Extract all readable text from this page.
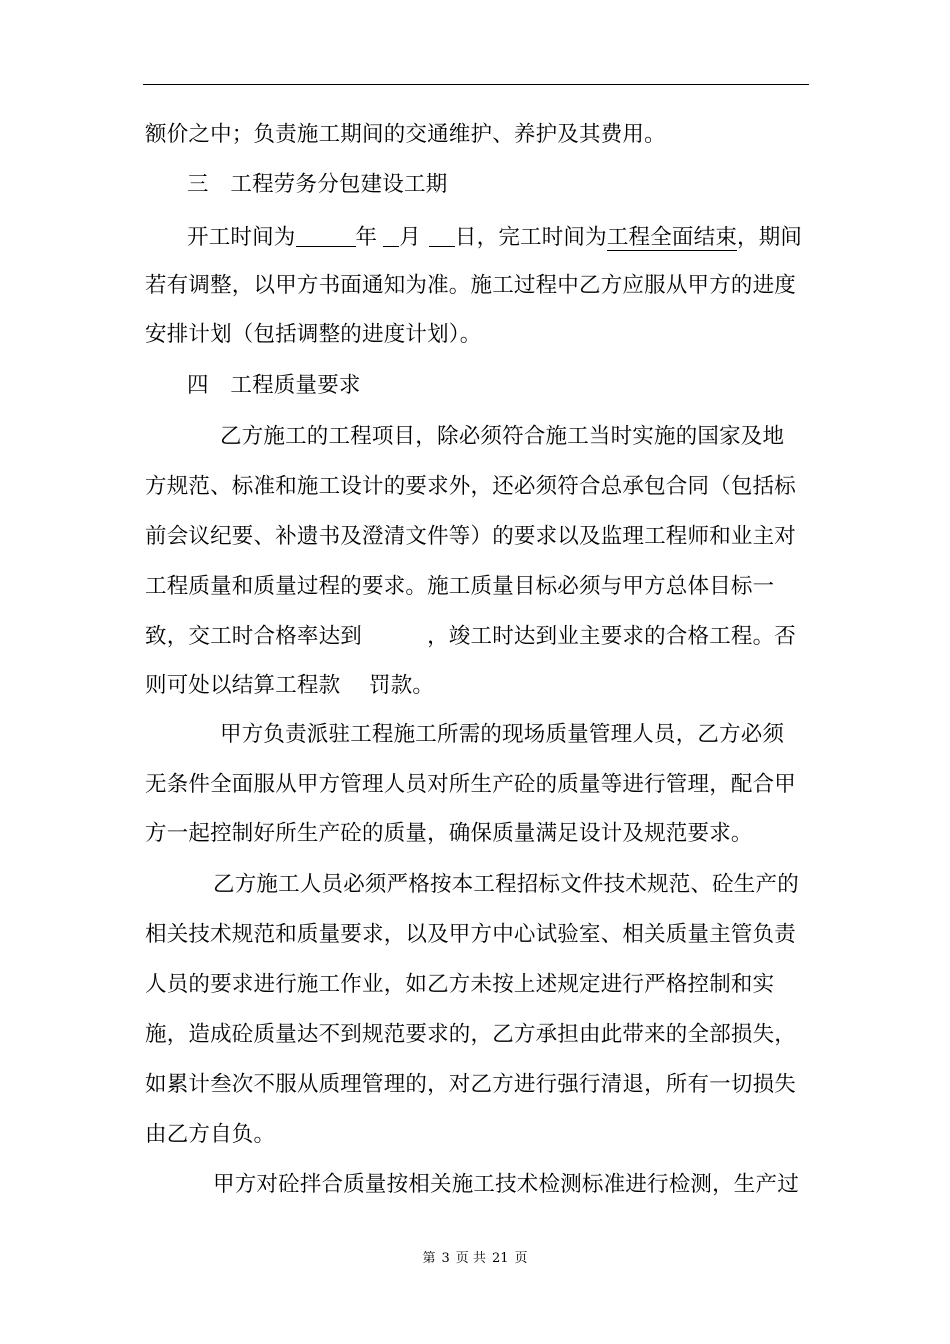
额价之中；负责施工期间的交通维护、养护及其费用。
三　工程劳务分包建设工期
开工时间为	年 月 日，完工时间为工程全面结束，期间
若有调整，以甲方书面通知为准。施工过程中乙方应服从甲方的进度
安排计划（包括调整的进度计划）。
四　工程质量要求
乙方施工的工程项目，除必须符合施工当时实施的国家及地
方规范、标准和施工设计的要求外，还必须符合总承包合同（包括标
前会议纪要、补遗书及澄清文件等）的要求以及监理工程师和业主对
工程质量和质量过程的要求。施工质量目标必须与甲方总体目标一
致，交工时合格率达到　　　，竣工时达到业主要求的合格工程。否
则可处以结算工程款　 罚款。
甲方负责派驻工程施工所需的现场质量管理人员，乙方必须
无条件全面服从甲方管理人员对所生产砼的质量等进行管理，配合甲
方一起控制好所生产砼的质量，确保质量满足设计及规范要求。
乙方施工人员必须严格按本工程招标文件技术规范、砼生产的
相关技术规范和质量要求，以及甲方中心试验室、相关质量主管负责
人员的要求进行施工作业，如乙方未按上述规定进行严格控制和实
施，造成砼质量达不到规范要求的，乙方承担由此带来的全部损失，
如累计叁次不服从质理管理的，对乙方进行强行清退，所有一切损失
由乙方自负。
甲方对砼拌合质量按相关施工技术检测标准进行检测，生产过
第 3 页 共 21 页
